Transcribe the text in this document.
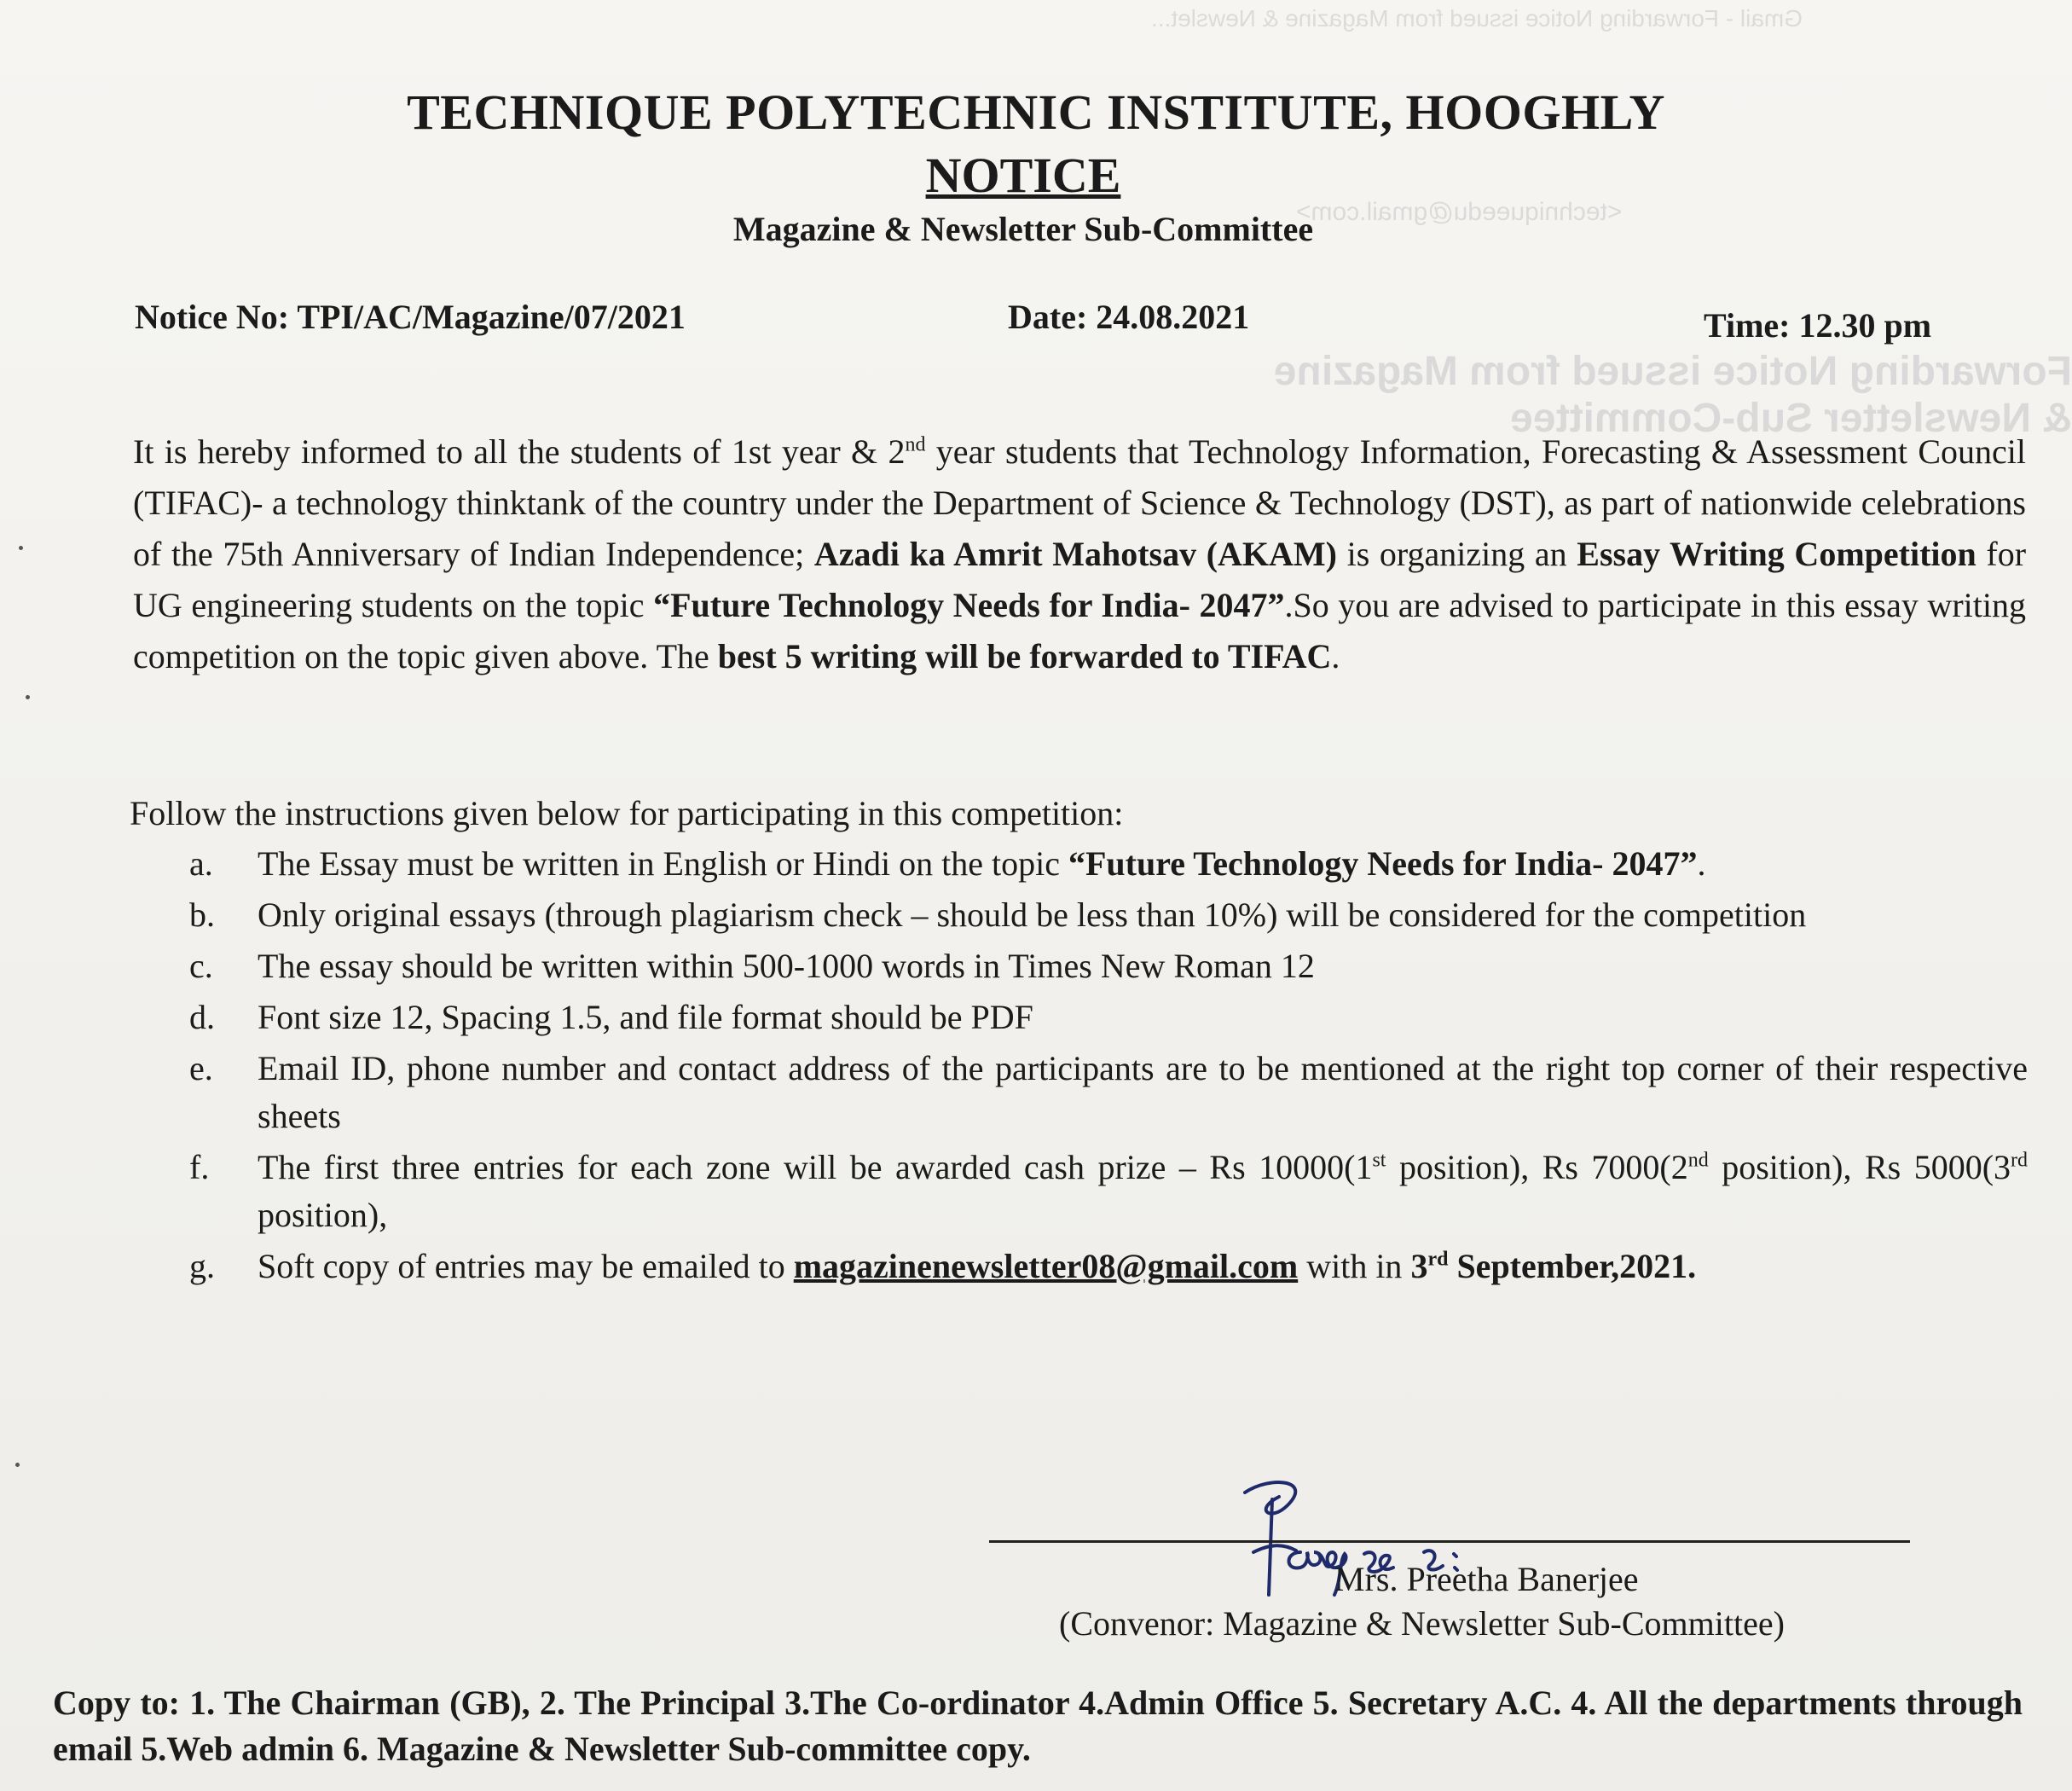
Gmail - Forwarding Notice issued from Magazine & Newslet...
<techniqueedu@gmail.com>
Forwarding Notice issued from Magazine & Newsletter Sub-Committee
TECHNIQUE POLYTECHNIC INSTITUTE, HOOGHLY
NOTICE
Magazine & Newsletter Sub-Committee
Notice No: TPI/AC/Magazine/07/2021	Date: 24.08.2021	Time: 12.30 pm
It is hereby informed to all the students of 1st year & 2nd year students that Technology Information, Forecasting & Assessment Council (TIFAC)- a technology thinktank of the country under the Department of Science & Technology (DST), as part of nationwide celebrations of the 75th Anniversary of Indian Independence; Azadi ka Amrit Mahotsav (AKAM) is organizing an Essay Writing Competition for UG engineering students on the topic “Future Technology Needs for India- 2047”.So you are advised to participate in this essay writing competition on the topic given above. The best 5 writing will be forwarded to TIFAC.
Follow the instructions given below for participating in this competition:
a. The Essay must be written in English or Hindi on the topic “Future Technology Needs for India- 2047”.
b. Only original essays (through plagiarism check – should be less than 10%) will be considered for the competition
c. The essay should be written within 500-1000 words in Times New Roman 12
d. Font size 12, Spacing 1.5, and file format should be PDF
e. Email ID, phone number and contact address of the participants are to be mentioned at the right top corner of their respective sheets
f. The first three entries for each zone will be awarded cash prize – Rs 10000(1st position), Rs 7000(2nd position), Rs 5000(3rd position),
g. Soft copy of entries may be emailed to magazinenewsletter08@gmail.com with in 3rd September,2021.
Mrs. Preetha Banerjee
(Convenor: Magazine & Newsletter Sub-Committee)
Copy to: 1. The Chairman (GB), 2. The Principal 3.The Co-ordinator 4.Admin Office 5. Secretary A.C. 4. All the departments through email 5.Web admin 6. Magazine & Newsletter Sub-committee copy.
